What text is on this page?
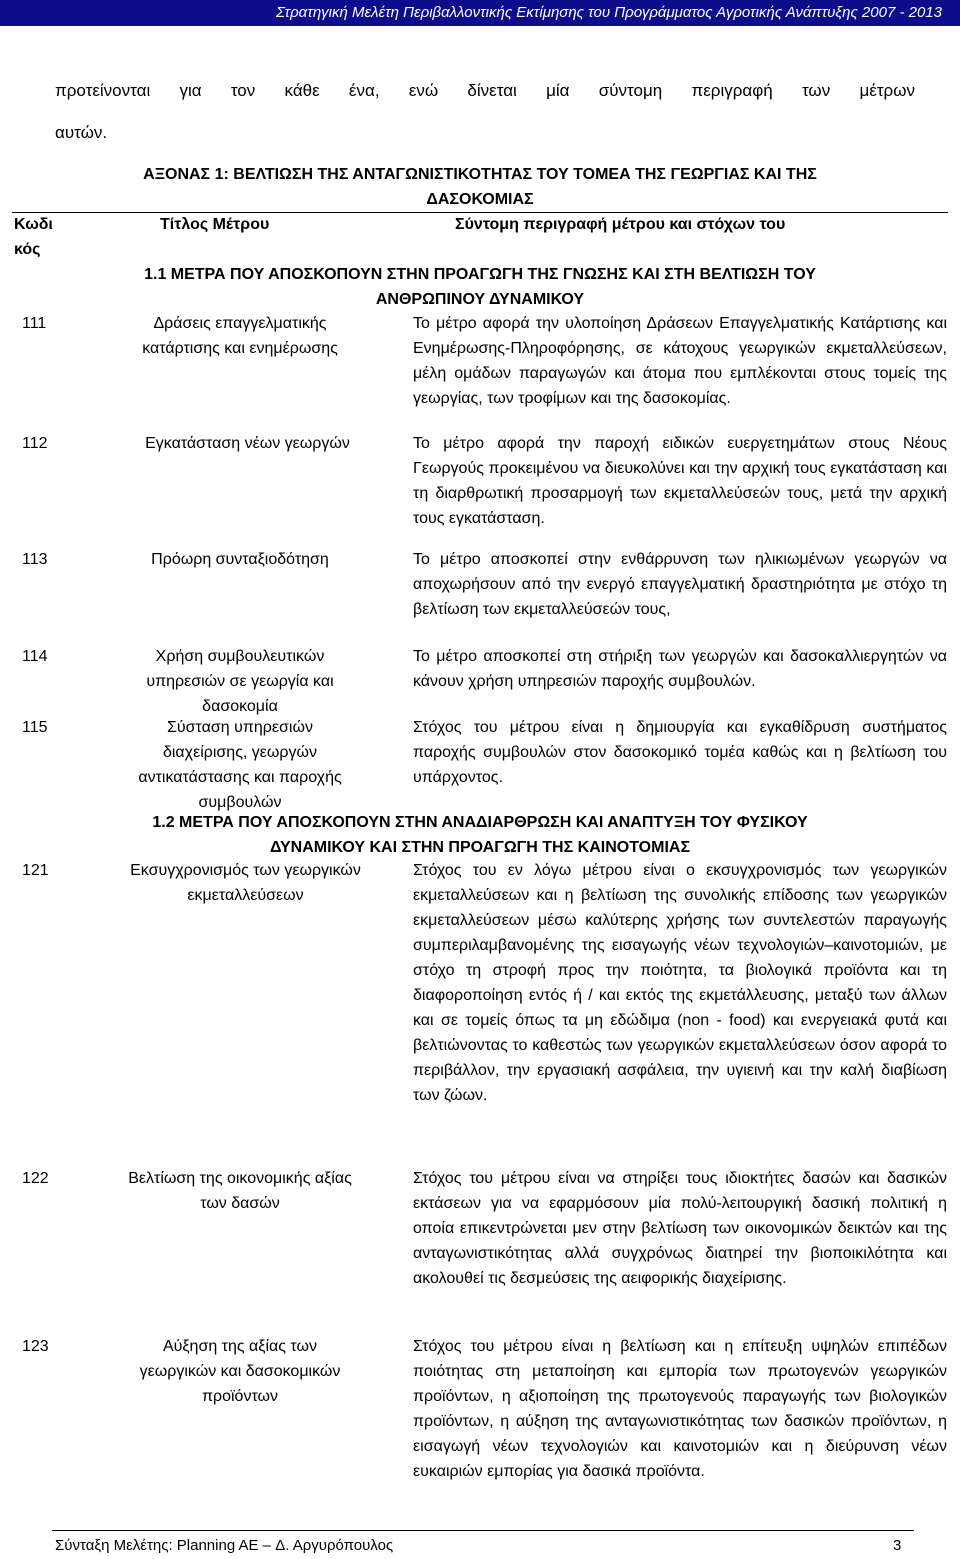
Στρατηγική Μελέτη Περιβαλλοντικής Εκτίμησης του Προγράμματος Αγροτικής Ανάπτυξης 2007 - 2013
προτείνονται για τον κάθε ένα, ενώ δίνεται μία σύντομη περιγραφή των μέτρων
αυτών.
ΑΞΟΝΑΣ 1: ΒΕΛΤΙΩΣΗ ΤΗΣ ΑΝΤΑΓΩΝΙΣΤΙΚΟΤΗΤΑΣ ΤΟΥ ΤΟΜΕΑ ΤΗΣ ΓΕΩΡΓΙΑΣ ΚΑΙ ΤΗΣ
ΔΑΣΟΚΟΜΙΑΣ
Κωδι
κός
Τίτλος Μέτρου	Σύντομη περιγραφή μέτρου και στόχων του
1.1 ΜΕΤΡΑ ΠΟΥ ΑΠΟΣΚΟΠΟΥΝ ΣΤΗΝ ΠΡΟΑΓΩΓΗ ΤΗΣ ΓΝΩΣΗΣ ΚΑΙ ΣΤΗ ΒΕΛΤΙΩΣΗ ΤΟΥ
ΑΝΘΡΩΠΙΝΟΥ ΔΥΝΑΜΙΚΟΥ
111	Δράσεις επαγγελματικής
κατάρτισης και ενημέρωσης
Το μέτρο αφορά την υλοποίηση Δράσεων Επαγγελματικής Κατάρτισης και Ενημέρωσης-Πληροφόρησης, σε κάτοχους γεωργικών εκμεταλλεύσεων, μέλη ομάδων παραγωγών και άτομα που εμπλέκονται στους τομείς της γεωργίας, των τροφίμων και της δασοκομίας.
112	Εγκατάσταση νέων γεωργών	Το μέτρο αφορά την παροχή ειδικών ευεργετημάτων στους Νέους Γεωργούς προκειμένου να διευκολύνει και την αρχική τους εγκατάσταση και τη διαρθρωτική προσαρμογή των εκμεταλλεύσεών τους, μετά την αρχική τους εγκατάσταση.
113	Πρόωρη συνταξιοδότηση	Το μέτρο αποσκοπεί στην ενθάρρυνση των ηλικιωμένων γεωργών να αποχωρήσουν από την ενεργό επαγγελματική δραστηριότητα με στόχο τη βελτίωση των εκμεταλλεύσεών τους,
114	Χρήση συμβουλευτικών
υπηρεσιών σε γεωργία και
δασοκομία
Το μέτρο αποσκοπεί στη στήριξη των γεωργών και δασοκαλλιεργητών να κάνουν χρήση υπηρεσιών παροχής συμβουλών.
115	Σύσταση υπηρεσιών
διαχείρισης, γεωργών
αντικατάστασης και παροχής
συμβουλών
Στόχος του μέτρου είναι η δημιουργία και εγκαθίδρυση συστήματος παροχής συμβουλών στον δασοκομικό τομέα καθώς και η βελτίωση του υπάρχοντος.
1.2 ΜΕΤΡΑ ΠΟΥ ΑΠΟΣΚΟΠΟΥΝ ΣΤΗΝ ΑΝΑΔΙΑΡΘΡΩΣΗ ΚΑΙ ΑΝΑΠΤΥΞΗ ΤΟΥ ΦΥΣΙΚΟΥ
ΔΥΝΑΜΙΚΟΥ ΚΑΙ ΣΤΗΝ ΠΡΟΑΓΩΓΗ ΤΗΣ ΚΑΙΝΟΤΟΜΙΑΣ
121	Εκσυγχρονισμός των γεωργικών
εκμεταλλεύσεων
Στόχος του εν λόγω μέτρου είναι ο εκσυγχρονισμός των γεωργικών εκμεταλλεύσεων και η βελτίωση της συνολικής επίδοσης των γεωργικών εκμεταλλεύσεων μέσω καλύτερης χρήσης των συντελεστών παραγωγής συμπεριλαμβανομένης της εισαγωγής νέων τεχνολογιών–καινοτομιών, με στόχο τη στροφή προς την ποιότητα, τα βιολογικά προϊόντα και τη διαφοροποίηση εντός ή / και εκτός της εκμετάλλευσης, μεταξύ των άλλων και σε τομείς όπως τα μη εδώδιμα (non - food) και ενεργειακά φυτά και βελτιώνοντας το καθεστώς των γεωργικών εκμεταλλεύσεων όσον αφορά το περιβάλλον, την εργασιακή ασφάλεια, την υγιεινή και την καλή διαβίωση των ζώων.
122	Βελτίωση της οικονομικής αξίας
των δασών
Στόχος του μέτρου είναι να στηρίξει τους ιδιοκτήτες δασών και δασικών εκτάσεων για να εφαρμόσουν μία πολύ-λειτουργική δασική πολιτική η οποία επικεντρώνεται μεν στην βελτίωση των οικονομικών δεικτών και της ανταγωνιστικότητας αλλά συγχρόνως διατηρεί την βιοποικιλότητα και ακολουθεί τις δεσμεύσεις της αειφορικής διαχείρισης.
123	Αύξηση της αξίας των
γεωργικών και δασοκομικών
προϊόντων
Στόχος του μέτρου είναι η βελτίωση και η επίτευξη υψηλών επιπέδων ποιότητας στη μεταποίηση και εμπορία των πρωτογενών γεωργικών προϊόντων, η αξιοποίηση της πρωτογενούς παραγωγής των βιολογικών προϊόντων, η αύξηση της ανταγωνιστικότητας των δασικών προϊόντων, η εισαγωγή νέων τεχνολογιών και καινοτομιών και η διεύρυνση νέων ευκαιριών εμπορίας για δασικά προϊόντα.
Σύνταξη Μελέτης: Planning AE – Δ. Αργυρόπουλος	3
